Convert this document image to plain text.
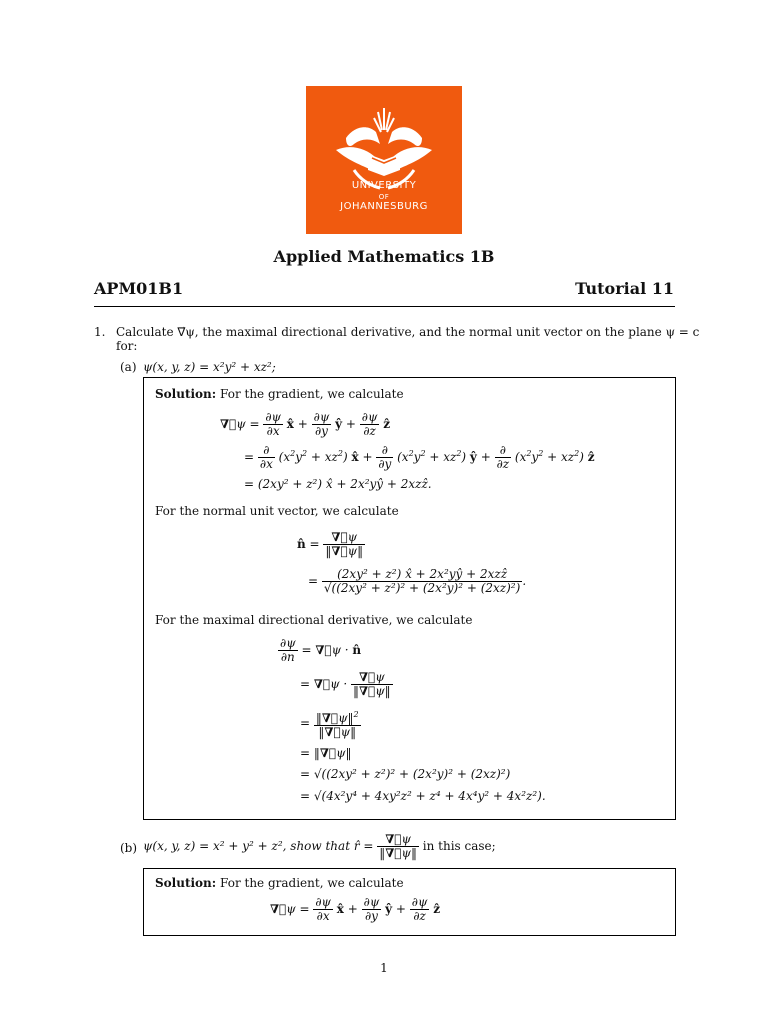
UNIVERSITY
OF
JOHANNESBURG
Applied Mathematics 1B
APM01B1	Tutorial 11
1. Calculate ∇⃗ψ, the maximal directional derivative, and the normal unit vector on the plane ψ = c
for:
(a) ψ(x, y, z) = x²y² + xz²;
Solution: For the gradient, we calculate
∇⃗ψ = $\frac{\partial\psi}{\partial x}$ x̂ + $\frac{\partial\psi}{\partial y}$ ŷ + $\frac{\partial\psi}{\partial z}$ ẑ
= $\frac{\partial}{\partial x} (x^2y^2 + xz^2)$ x̂ + $\frac{\partial}{\partial y} (x^2y^2 + xz^2)$ ŷ + $\frac{\partial}{\partial z} (x^2y^2 + xz^2)$ ẑ
= (2xy² + z²) x̂ + 2x²yŷ + 2xzẑ.
For the normal unit vector, we calculate
n̂ = $\frac{\nabla⃗\psi}{‖\nabla⃗\psi‖}$
= $\frac{\text{(2xy² + z²) x̂ + 2x²yŷ + 2xzẑ}}{\text{√((2xy² + z²)² + (2x²y)² + (2xz)²)}}$ .
For the maximal directional derivative, we calculate
$\frac{\partial\psi}{\partial n}$ = ∇⃗ψ · n̂
= ∇⃗ψ · $\frac{\nabla⃗\psi}{‖\nabla⃗\psi‖}$
= $\frac{‖\nabla⃗\psi‖^2}{‖\nabla⃗\psi‖}$
= ‖∇⃗ψ‖
= √((2xy² + z²)² + (2x²y)² + (2xz)²)
= √(4x²y⁴ + 4xy²z² + z⁴ + 4x⁴y² + 4x²z²).
(b) ψ(x, y, z) = x² + y² + z², show that r̂ = $\frac{\nabla⃗\psi}{‖\nabla⃗\psi‖}$ in this case;
Solution: For the gradient, we calculate
∇⃗ψ = $\frac{\partial\psi}{\partial x}$ x̂ + $\frac{\partial\psi}{\partial y}$ ŷ + $\frac{\partial\psi}{\partial z}$ ẑ
1
